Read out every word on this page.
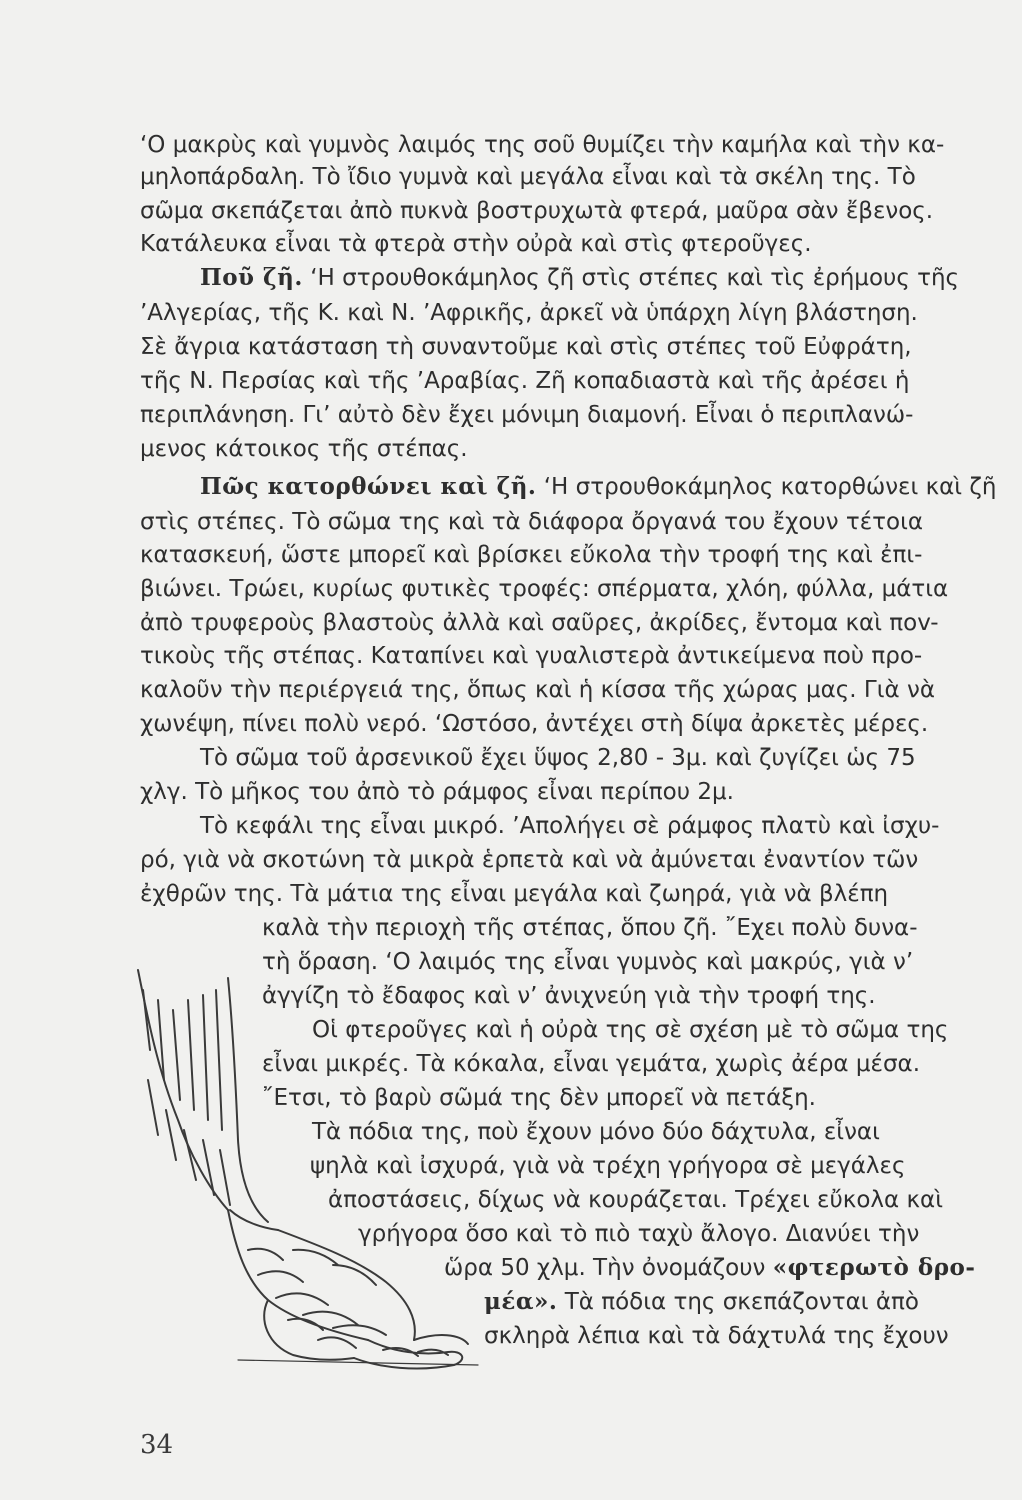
‘Ο μακρὺς καὶ γυμνὸς λαιμός της σοῦ θυμίζει τὴν καμήλα καὶ τὴν κα-
μηλοπάρδαλη. Τὸ ἴδιο γυμνὰ καὶ μεγάλα εἶναι καὶ τὰ σκέλη της. Τὸ
σῶμα σκεπάζεται ἀπὸ πυκνὰ βοστρυχωτὰ φτερά, μαῦρα σὰν ἔβενος.
Κατάλευκα εἶναι τὰ φτερὰ στὴν οὐρὰ καὶ στὶς φτεροῦγες.
Ποῦ ζῆ. ‘Η στρουθοκάμηλος ζῆ στὶς στέπες καὶ τὶς ἐρήμους τῆς
’Αλγερίας, τῆς Κ. καὶ Ν. ’Αφρικῆς, ἀρκεῖ νὰ ὑπάρχη λίγη βλάστηση.
Σὲ ἄγρια κατάσταση τὴ συναντοῦμε καὶ στὶς στέπες τοῦ Εὐφράτη,
τῆς Ν. Περσίας καὶ τῆς ’Αραβίας. Ζῆ κοπαδιαστὰ καὶ τῆς ἀρέσει ἡ
περιπλάνηση. Γι’ αὐτὸ δὲν ἔχει μόνιμη διαμονή. Εἶναι ὁ περιπλανώ-
μενος κάτοικος τῆς στέπας.
Πῶς κατορθώνει καὶ ζῆ. ‘Η στρουθοκάμηλος κατορθώνει καὶ ζῆ
στὶς στέπες. Τὸ σῶμα της καὶ τὰ διάφορα ὄργανά του ἔχουν τέτοια
κατασκευή, ὥστε μπορεῖ καὶ βρίσκει εὔκολα τὴν τροφή της καὶ ἐπι-
βιώνει. Τρώει, κυρίως φυτικὲς τροφές: σπέρματα, χλόη, φύλλα, μάτια
ἀπὸ τρυφεροὺς βλαστοὺς ἀλλὰ καὶ σαῦρες, ἀκρίδες, ἔντομα καὶ ποv-
τικοὺς τῆς στέπας. Καταπίνει καὶ γυαλιστερὰ ἀντικείμενα ποὺ προ-
καλοῦν τὴν περιέργειά της, ὅπως καὶ ἡ κίσσα τῆς χώρας μας. Γιὰ νὰ
χωνέψη, πίνει πολὺ νερό. ‘Ωστόσο, ἀντέχει στὴ δίψα ἀρκετὲς μέρες.
Τὸ σῶμα τοῦ ἀρσενικοῦ ἔχει ὕψος 2,80 - 3μ. καὶ ζυγίζει ὡς 75
χλγ. Τὸ μῆκος του ἀπὸ τὸ ράμφος εἶναι περίπου 2μ.
Τὸ κεφάλι της εἶναι μικρό. ’Απολήγει σὲ ράμφος πλατὺ καὶ ἰσχυ-
ρό, γιὰ νὰ σκοτώνη τὰ μικρὰ ἑρπετὰ καὶ νὰ ἀμύνεται ἐναντίον τῶν
ἐχθρῶν της. Τὰ μάτια της εἶναι μεγάλα καὶ ζωηρά, γιὰ νὰ βλέπη
καλὰ τὴν περιοχὴ τῆς στέπας, ὅπου ζῆ. ῎Εχει πολὺ δυνα-
τὴ ὅραση. ‘Ο λαιμός της εἶναι γυμνὸς καὶ μακρύς, γιὰ ν’
ἀγγίζη τὸ ἔδαφος καὶ ν’ ἀνιχνεύη γιὰ τὴν τροφή της.
Οἱ φτεροῦγες καὶ ἡ οὐρὰ της σὲ σχέση μὲ τὸ σῶμα της
εἶναι μικρές. Τὰ κόκαλα, εἶναι γεμάτα, χωρὶς ἀέρα μέσα.
῎Ετσι, τὸ βαρὺ σῶμά της δὲν μπορεῖ νὰ πετάξη.
Τὰ πόδια της, ποὺ ἔχουν μόνο δύο δάχτυλα, εἶναι
ψηλὰ καὶ ἰσχυρά, γιὰ νὰ τρέχη γρήγορα σὲ μεγάλες
ἀποστάσεις, δίχως νὰ κουράζεται. Τρέχει εὔκολα καὶ
γρήγορα ὅσο καὶ τὸ πιὸ ταχὺ ἄλογο. Διανύει τὴν
ὥρα 50 χλμ. Τὴν ὀνομάζουν «φτερωτὸ δρο-
μέα». Τὰ πόδια της σκεπάζονται ἀπὸ
σκληρὰ λέπια καὶ τὰ δάχτυλά της ἔχουν
34
